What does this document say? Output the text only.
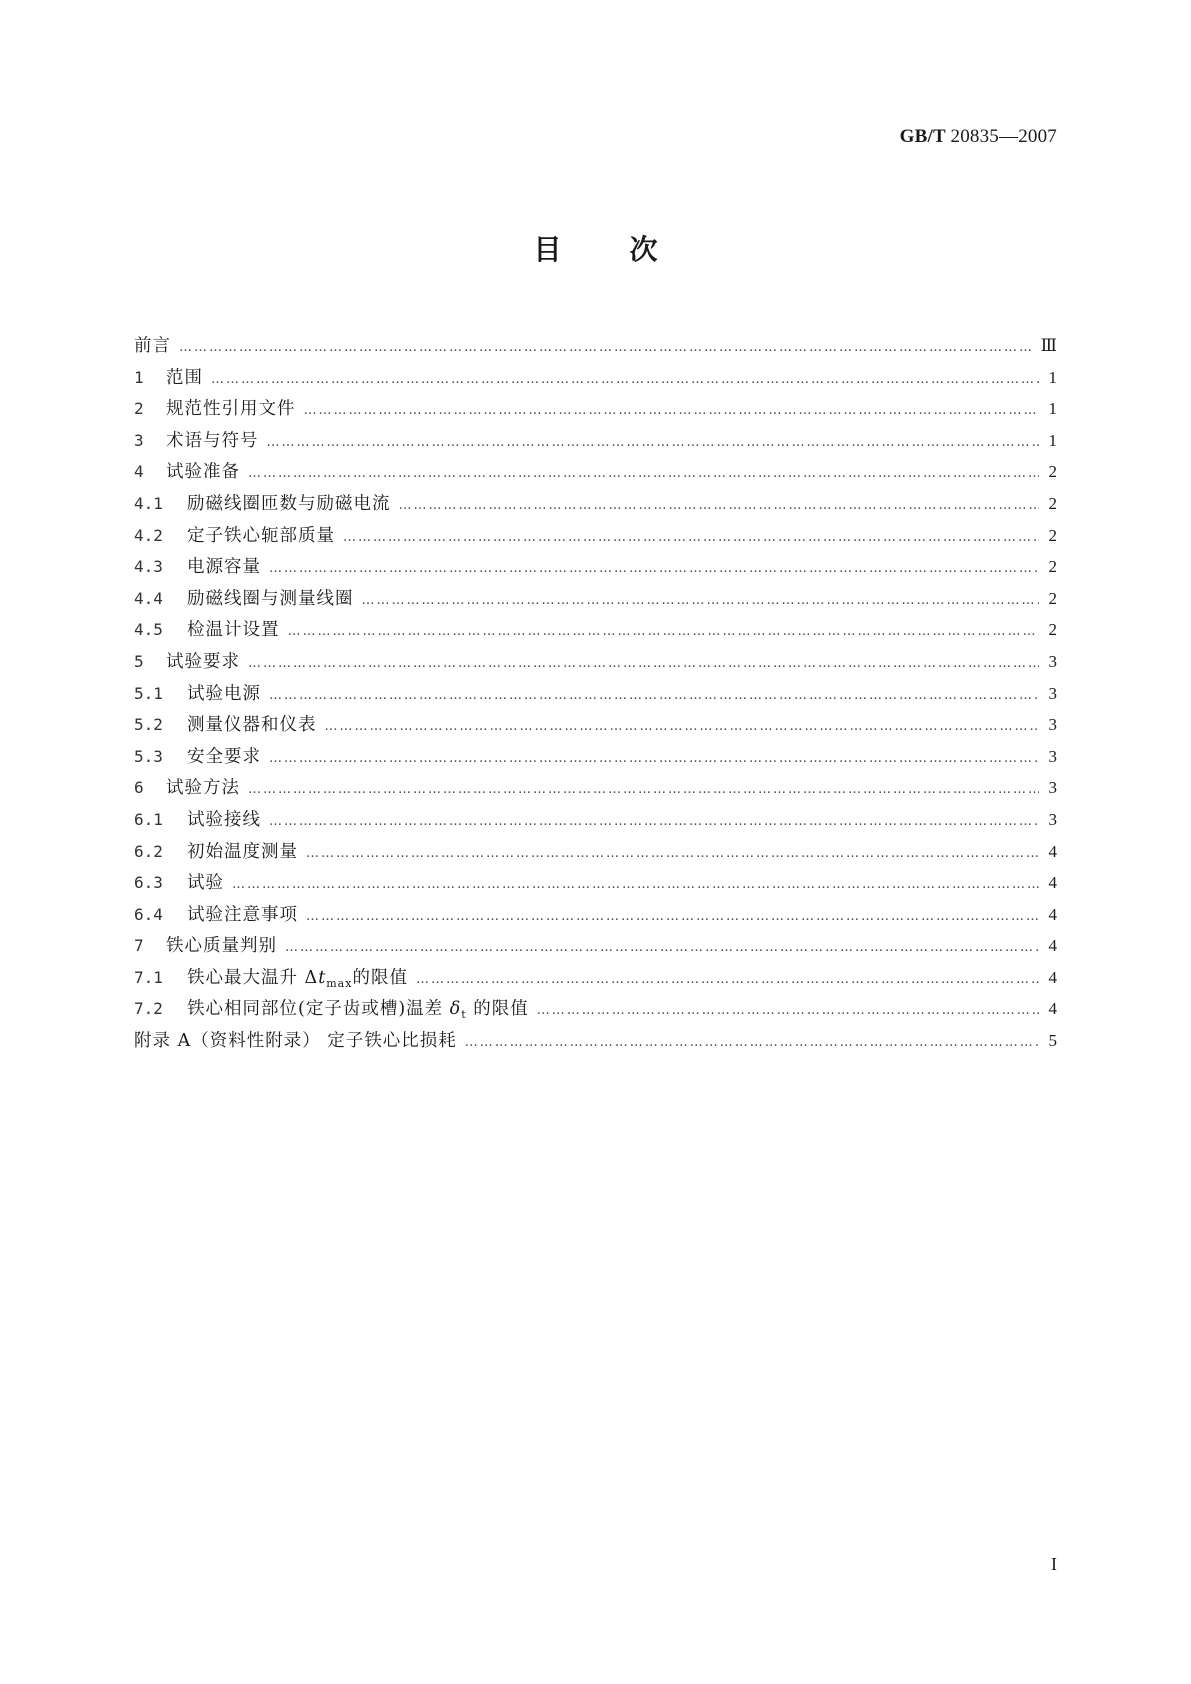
GB/T 20835—2007
目 次
前言 ……………………………………………………………………………………………………………………………………………………………………………………	Ⅲ
1	范围 ……………………………………………………………………………………………………………………………………………………………………………………	1
2	规范性引用文件 ……………………………………………………………………………………………………………………………………………………………………………………	1
3	术语与符号 ……………………………………………………………………………………………………………………………………………………………………………………	1
4	试验准备 ……………………………………………………………………………………………………………………………………………………………………………………	2
4.1	励磁线圈匝数与励磁电流 ……………………………………………………………………………………………………………………………………………………………………………………	2
4.2	定子铁心轭部质量 ……………………………………………………………………………………………………………………………………………………………………………………	2
4.3	电源容量 ……………………………………………………………………………………………………………………………………………………………………………………	2
4.4	励磁线圈与测量线圈 ……………………………………………………………………………………………………………………………………………………………………………………	2
4.5	检温计设置 ……………………………………………………………………………………………………………………………………………………………………………………	2
5	试验要求 ……………………………………………………………………………………………………………………………………………………………………………………	3
5.1	试验电源 ……………………………………………………………………………………………………………………………………………………………………………………	3
5.2	测量仪器和仪表 ……………………………………………………………………………………………………………………………………………………………………………………	3
5.3	安全要求 ……………………………………………………………………………………………………………………………………………………………………………………	3
6	试验方法 ……………………………………………………………………………………………………………………………………………………………………………………	3
6.1	试验接线 ……………………………………………………………………………………………………………………………………………………………………………………	3
6.2	初始温度测量 ……………………………………………………………………………………………………………………………………………………………………………………	4
6.3	试验 ……………………………………………………………………………………………………………………………………………………………………………………	4
6.4	试验注意事项 ……………………………………………………………………………………………………………………………………………………………………………………	4
7	铁心质量判别 ……………………………………………………………………………………………………………………………………………………………………………………	4
7.1	铁心最大温升 $\Delta t_{max}$的限值 ……………………………………………………………………………………………………………………………………………………………………………………	4
7.2	铁心相同部位(定子齿或槽)温差 $\delta_t$ 的限值 ……………………………………………………………………………………………………………………………………………………………………………………	4
附录 A（资料性附录） 定子铁心比损耗 ……………………………………………………………………………………………………………………………………………………………………………………	5
I
